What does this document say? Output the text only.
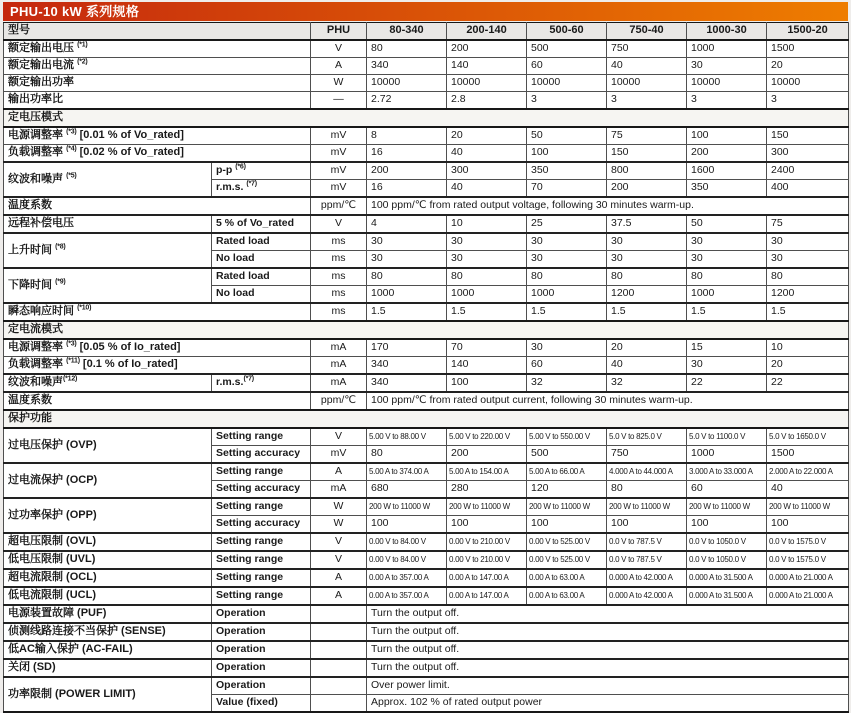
PHU-10 kW 系列规格
型号		PHU	80-340	200-140	500-60	750-40	1000-30	1500-20
额定输出电压 $^{(*1)}$		V	80	200	500	750	1000	1500
额定输出电流 $^{(*2)}$		A	340	140	60	40	30	20
额定输出功率		W	10000	10000	10000	10000	10000	10000
输出功率比		—	2.72	2.8	3	3	3	3
定电压模式								
电源调整率 $^{(*3)}$ [0.01 % of Vo_rated]		mV	8	20	50	75	100	150
负载调整率 $^{(*4)}$ [0.02 % of Vo_rated]		mV	16	40	100	150	200	300
纹波和噪声 $^{(*5)}$	p-p $^{(*6)}$	mV	200	300	350	800	1600	2400
	r.m.s. $^{(*7)}$	mV	16	40	70	200	350	400
温度系数		ppm/℃	100 ppm/℃ from rated output voltage, following 30 minutes warm-up.					
远程补偿电压	5 % of Vo_rated	V	4	10	25	37.5	50	75
上升时间 $^{(*8)}$	Rated load	ms	30	30	30	30	30	30
	No load	ms	30	30	30	30	30	30
下降时间 $^{(*9)}$	Rated load	ms	80	80	80	80	80	80
	No load	ms	1000	1000	1000	1200	1000	1200
瞬态响应时间 $^{(*10)}$		ms	1.5	1.5	1.5	1.5	1.5	1.5
定电流模式								
电源调整率 $^{(*3)}$ [0.05 % of Io_rated]		mA	170	70	30	20	15	10
负载调整率 $^{(*11)}$ [0.1 % of Io_rated]		mA	340	140	60	40	30	20
纹波和噪声$^{(*12)}$	r.m.s.$^{(*7)}$	mA	340	100	32	32	22	22
温度系数		ppm/℃	100 ppm/℃ from rated output current, following 30 minutes warm-up.					
保护功能								
过电压保护 (OVP)	Setting range	V	5.00 V to 88.00 V	5.00 V to 220.00 V	5.00 V to 550.00 V	5.0 V to 825.0 V	5.0 V to 1100.0 V	5.0 V to 1650.0 V
	Setting accuracy	mV	80	200	500	750	1000	1500
过电流保护 (OCP)	Setting range	A	5.00 A to 374.00 A	5.00 A to 154.00 A	5.00 A to 66.00 A	4.000 A to 44.000 A	3.000 A to 33.000 A	2.000 A to 22.000 A
	Setting accuracy	mA	680	280	120	80	60	40
过功率保护 (OPP)	Setting range	W	200 W to 11000 W	200 W to 11000 W	200 W to 11000 W	200 W to 11000 W	200 W to 11000 W	200 W to 11000 W
	Setting accuracy	W	100	100	100	100	100	100
超电压限制 (OVL)	Setting range	V	0.00 V to 84.00 V	0.00 V to 210.00 V	0.00 V to 525.00 V	0.0 V to 787.5 V	0.0 V to 1050.0 V	0.0 V to 1575.0 V
低电压限制 (UVL)	Setting range	V	0.00 V to 84.00 V	0.00 V to 210.00 V	0.00 V to 525.00 V	0.0 V to 787.5 V	0.0 V to 1050.0 V	0.0 V to 1575.0 V
超电流限制 (OCL)	Setting range	A	0.00 A to 357.00 A	0.00 A to 147.00 A	0.00 A to 63.00 A	0.000 A to 42.000 A	0.000 A to 31.500 A	0.000 A to 21.000 A
低电流限制 (UCL)	Setting range	A	0.00 A to 357.00 A	0.00 A to 147.00 A	0.00 A to 63.00 A	0.000 A to 42.000 A	0.000 A to 31.500 A	0.000 A to 21.000 A
电源装置故障 (PUF)	Operation		Turn the output off.					
侦测线路连接不当保护 (SENSE)	Operation		Turn the output off.					
低AC输入保护 (AC-FAIL)	Operation		Turn the output off.					
关闭 (SD)	Operation		Turn the output off.					
功率限制 (POWER LIMIT)	Operation		Over power limit.					
	Value (fixed)		Approx. 102 % of rated output power					
